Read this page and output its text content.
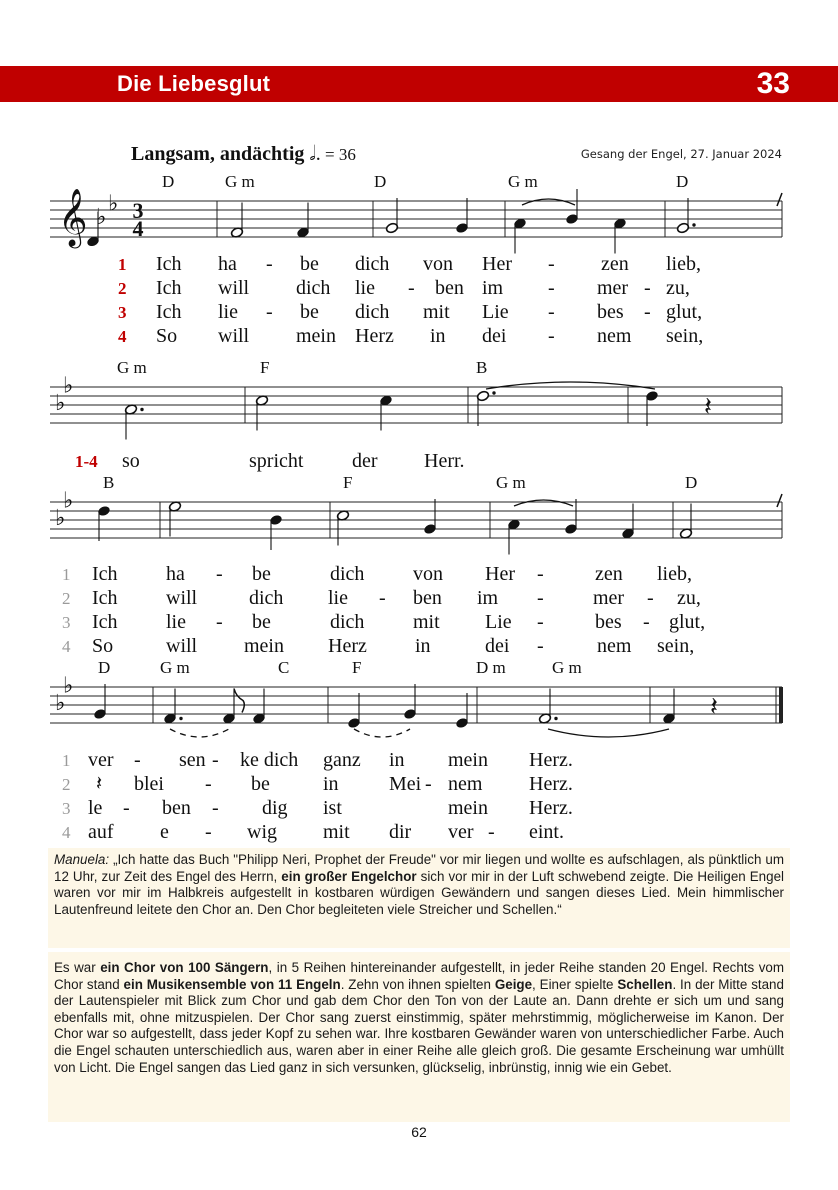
Die Liebesglut	33
Langsam, andächtig 𝅗𝅥. = 36	Gesang der Engel, 27. Januar 2024
𝄞 ♭
♭ 3
4
D	G m	D	G m	D
1 Ich ha - be dich von Her - zen lieb,
2 Ich will dich lie - ben im - mer - zu,
3 Ich lie - be dich mit Lie - bes - glut,
4 So will mein Herz in dei - nem sein,
♭
♭
G m	F	B
𝄽
1-4 so	spricht der Herr.
♭
♭
B	F	G m	D
1 Ich ha - be	dich von Her -	zen lieb,
2 Ich will	dich lie - ben im - mer - zu,
3 Ich lie - be	dich mit Lie -	bes - glut,
4 So	will mein Herz in	dei -	nem sein,
♭
♭
D	G m	C	F	D m	G m
𝄽
1 ver - sen - ke dich ganz in mein Herz.
2 𝄽 blei - be	in	Mei - nem Herz.
3 le - ben - dig ist	mein Herz.
4 auf e - wig mit dir ver - eint.
Manuela: „Ich hatte das Buch "Philipp Neri, Prophet der Freude" vor mir liegen und wollte es aufschlagen, als pünktlich um 12 Uhr, zur Zeit des Engel des Herrn, ein großer Engelchor sich vor mir in der Luft schwebend zeigte. Die Heiligen Engel waren vor mir im Halbkreis aufgestellt in kostbaren würdigen Gewändern und sangen dieses Lied. Mein himmlischer Lautenfreund leitete den Chor an. Den Chor begleiteten viele Streicher und Schellen.“
Es war ein Chor von 100 Sängern, in 5 Reihen hintereinander aufgestellt, in jeder Reihe standen 20 Engel. Rechts vom Chor stand ein Musikensemble von 11 Engeln. Zehn von ihnen spielten Geige, Einer spielte Schellen. In der Mitte stand der Lautenspieler mit Blick zum Chor und gab dem Chor den Ton von der Laute an. Dann drehte er sich um und sang ebenfalls mit, ohne mitzuspielen. Der Chor sang zuerst einstimmig, später mehrstimmig, möglicherweise im Kanon. Der Chor war so aufgestellt, dass jeder Kopf zu sehen war. Ihre kostbaren Gewänder waren von unterschiedlicher Farbe. Auch die Engel schauten unterschiedlich aus, waren aber in einer Reihe alle gleich groß. Die gesamte Erscheinung war umhüllt von Licht. Die Engel sangen das Lied ganz in sich versunken, glückselig, inbrünstig, innig wie ein Gebet.
62
